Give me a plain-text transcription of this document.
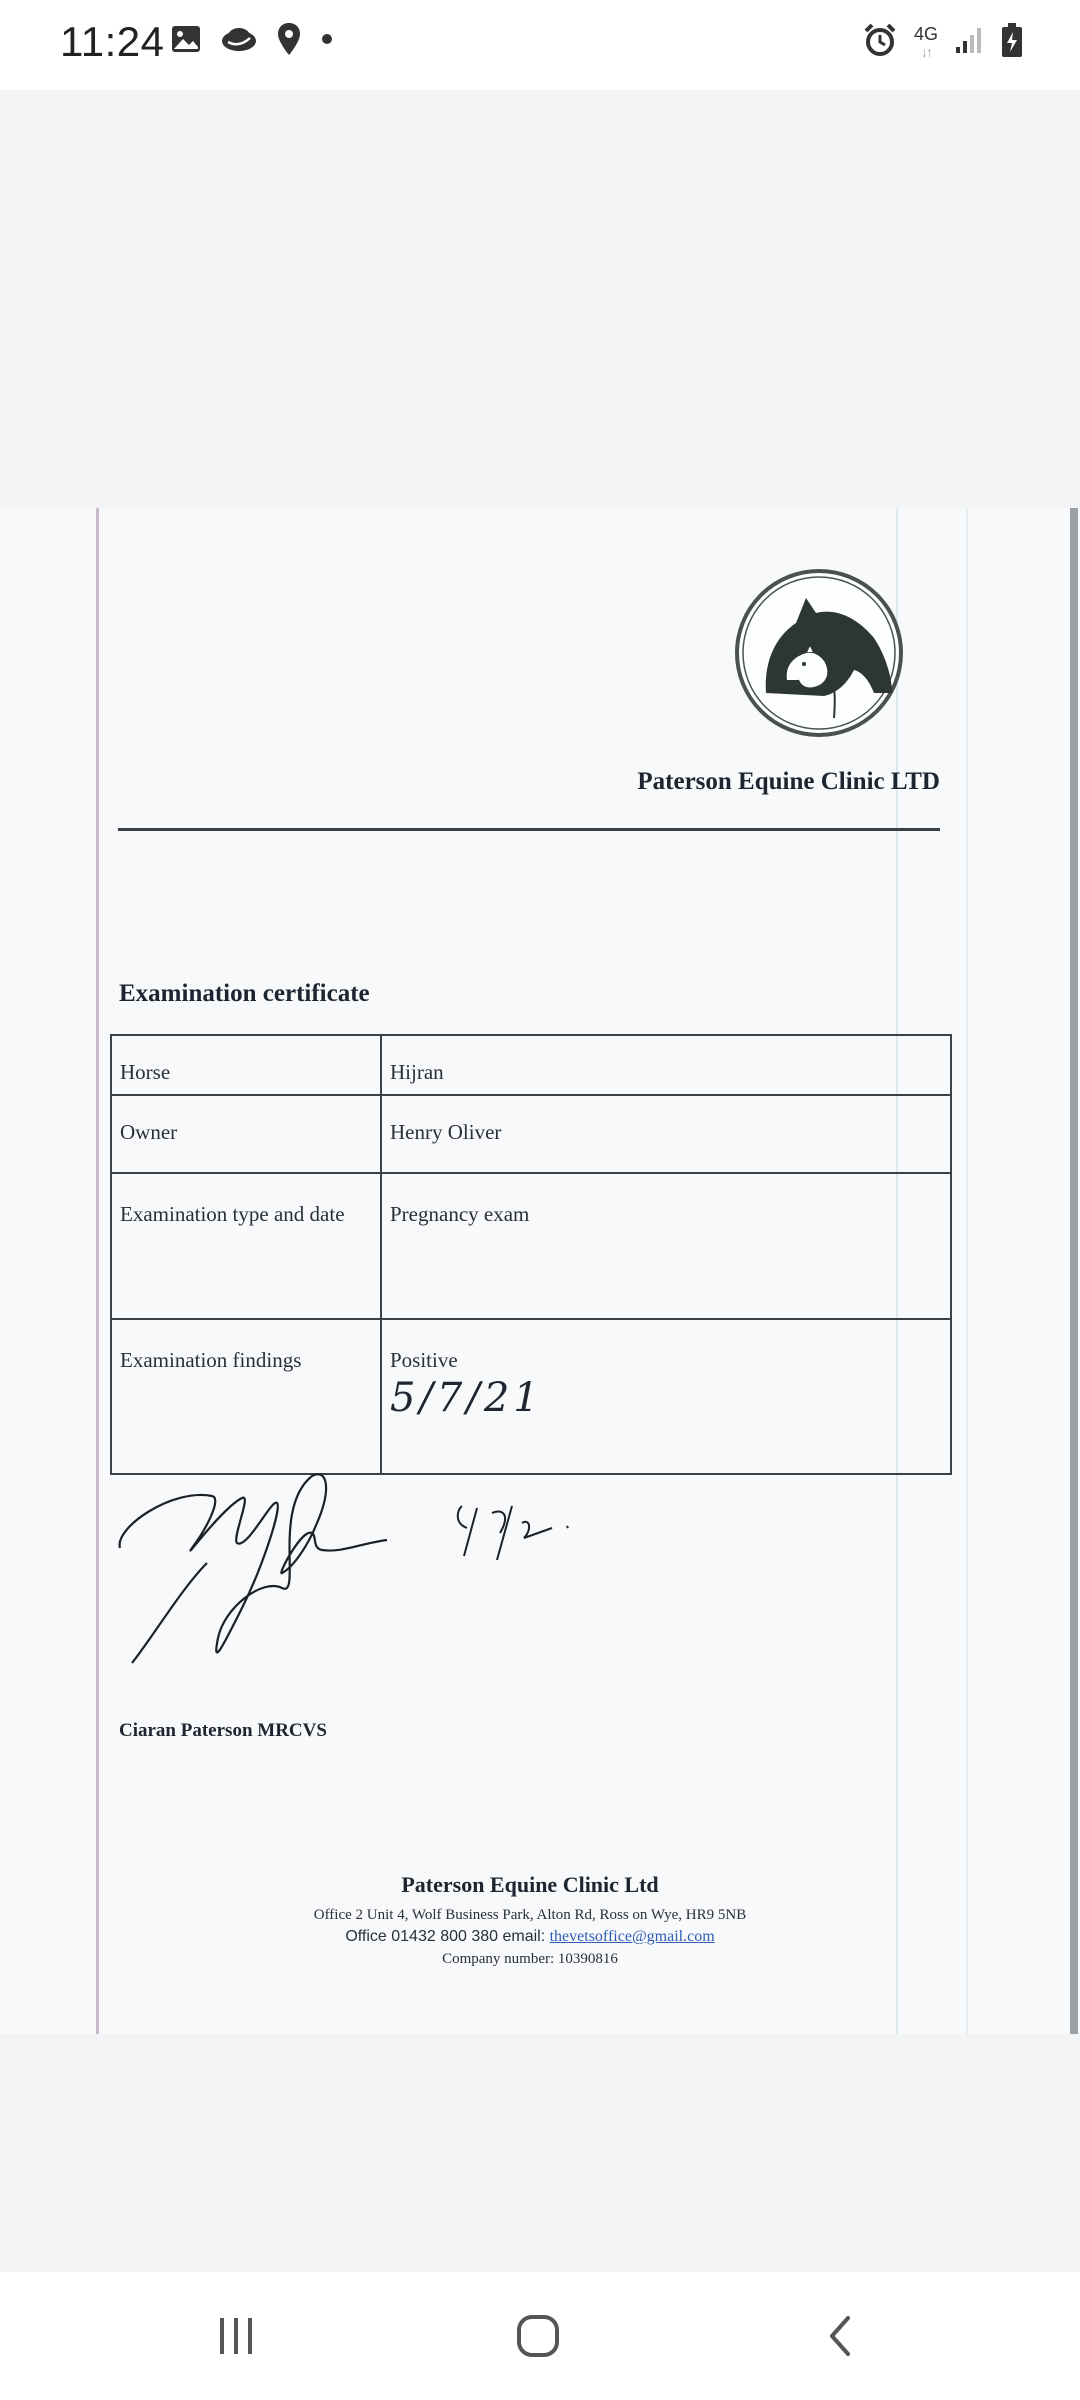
11:24	4G
↓↑
Paterson Equine Clinic LTD
Examination certificate
Horse	Hijran
Owner	Henry Oliver
Examination type and date	Pregnancy exam
Examination findings	Positive
5/7/21
Ciaran Paterson MRCVS
Paterson Equine Clinic Ltd
Office 2 Unit 4, Wolf Business Park, Alton Rd, Ross on Wye, HR9 5NB
Office 01432 800 380 email: thevetsoffice@gmail.com
Company number: 10390816
